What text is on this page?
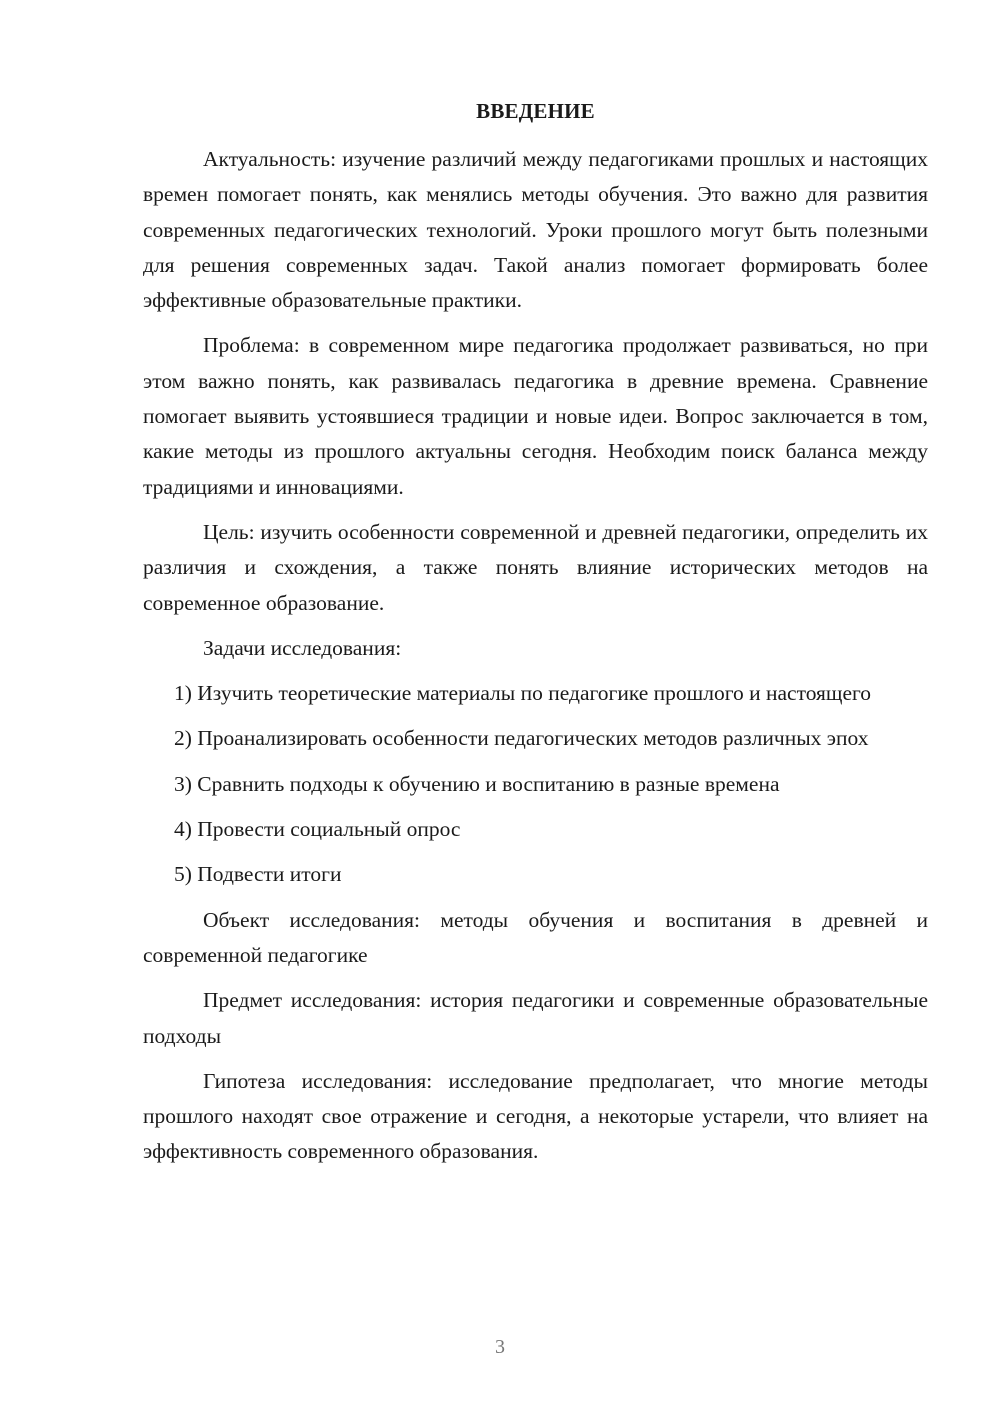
ВВЕДЕНИЕ

Актуальность: изучение различий между педагогиками прошлых и настоящих времен помогает понять, как менялись методы обучения. Это важно для развития современных педагогических технологий. Уроки прошлого могут быть полезными для решения современных задач. Такой анализ помогает формировать более эффективные образовательные практики.

Проблема: в современном мире педагогика продолжает развиваться, но при этом важно понять, как развивалась педагогика в древние времена. Сравнение помогает выявить устоявшиеся традиции и новые идеи. Вопрос заключается в том, какие методы из прошлого актуальны сегодня. Необходим поиск баланса между традициями и инновациями.

Цель: изучить особенности современной и древней педагогики, определить их различия и схождения, а также понять влияние исторических методов на современное образование.

Задачи исследования:

1) Изучить теоретические материалы по педагогике прошлого и настоящего

2) Проанализировать особенности педагогических методов различных эпох

3) Сравнить подходы к обучению и воспитанию в разные времена

4) Провести социальный опрос

5) Подвести итоги

Объект исследования: методы обучения и воспитания в древней и современной педагогике

Предмет исследования: история педагогики и современные образовательные подходы

Гипотеза исследования: исследование предполагает, что многие методы прошлого находят свое отражение и сегодня, а некоторые устарели, что влияет на эффективность современного образования.

3
